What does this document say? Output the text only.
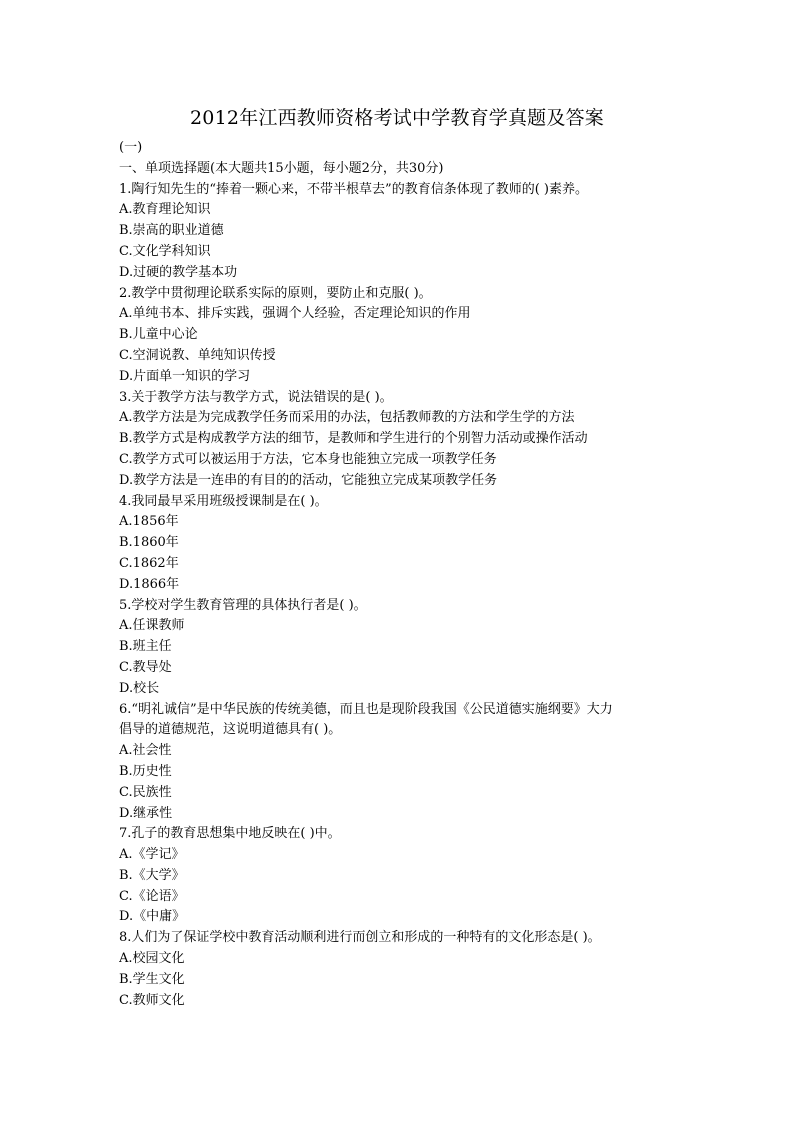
2012年江西教师资格考试中学教育学真题及答案
(一)
一、单项选择题(本大题共15小题，每小题2分，共30分)
1.陶行知先生的“捧着一颗心来，不带半根草去”的教育信条体现了教师的( )素养。
A.教育理论知识
B.崇高的职业道德
C.文化学科知识
D.过硬的教学基本功
2.教学中贯彻理论联系实际的原则，要防止和克服( )。
A.单纯书本、排斥实践，强调个人经验，否定理论知识的作用
B.儿童中心论
C.空洞说教、单纯知识传授
D.片面单一知识的学习
3.关于教学方法与教学方式，说法错误的是( )。
A.教学方法是为完成教学任务而采用的办法，包括教师教的方法和学生学的方法
B.教学方式是构成教学方法的细节，是教师和学生进行的个别智力活动或操作活动
C.教学方式可以被运用于方法，它本身也能独立完成一项教学任务
D.教学方法是一连串的有目的的活动，它能独立完成某项教学任务
4.我同最早采用班级授课制是在( )。
A.1856年
B.1860年
C.1862年
D.1866年
5.学校对学生教育管理的具体执行者是( )。
A.任课教师
B.班主任
C.教导处
D.校长
6.“明礼诚信”是中华民族的传统美德，而且也是现阶段我国《公民道德实施纲要》大力
倡导的道德规范，这说明道德具有( )。
A.社会性
B.历史性
C.民族性
D.继承性
7.孔子的教育思想集中地反映在( )中。
A.《学记》
B.《大学》
C.《论语》
D.《中庸》
8.人们为了保证学校中教育活动顺利进行而创立和形成的一种特有的文化形态是( )。
A.校园文化
B.学生文化
C.教师文化
